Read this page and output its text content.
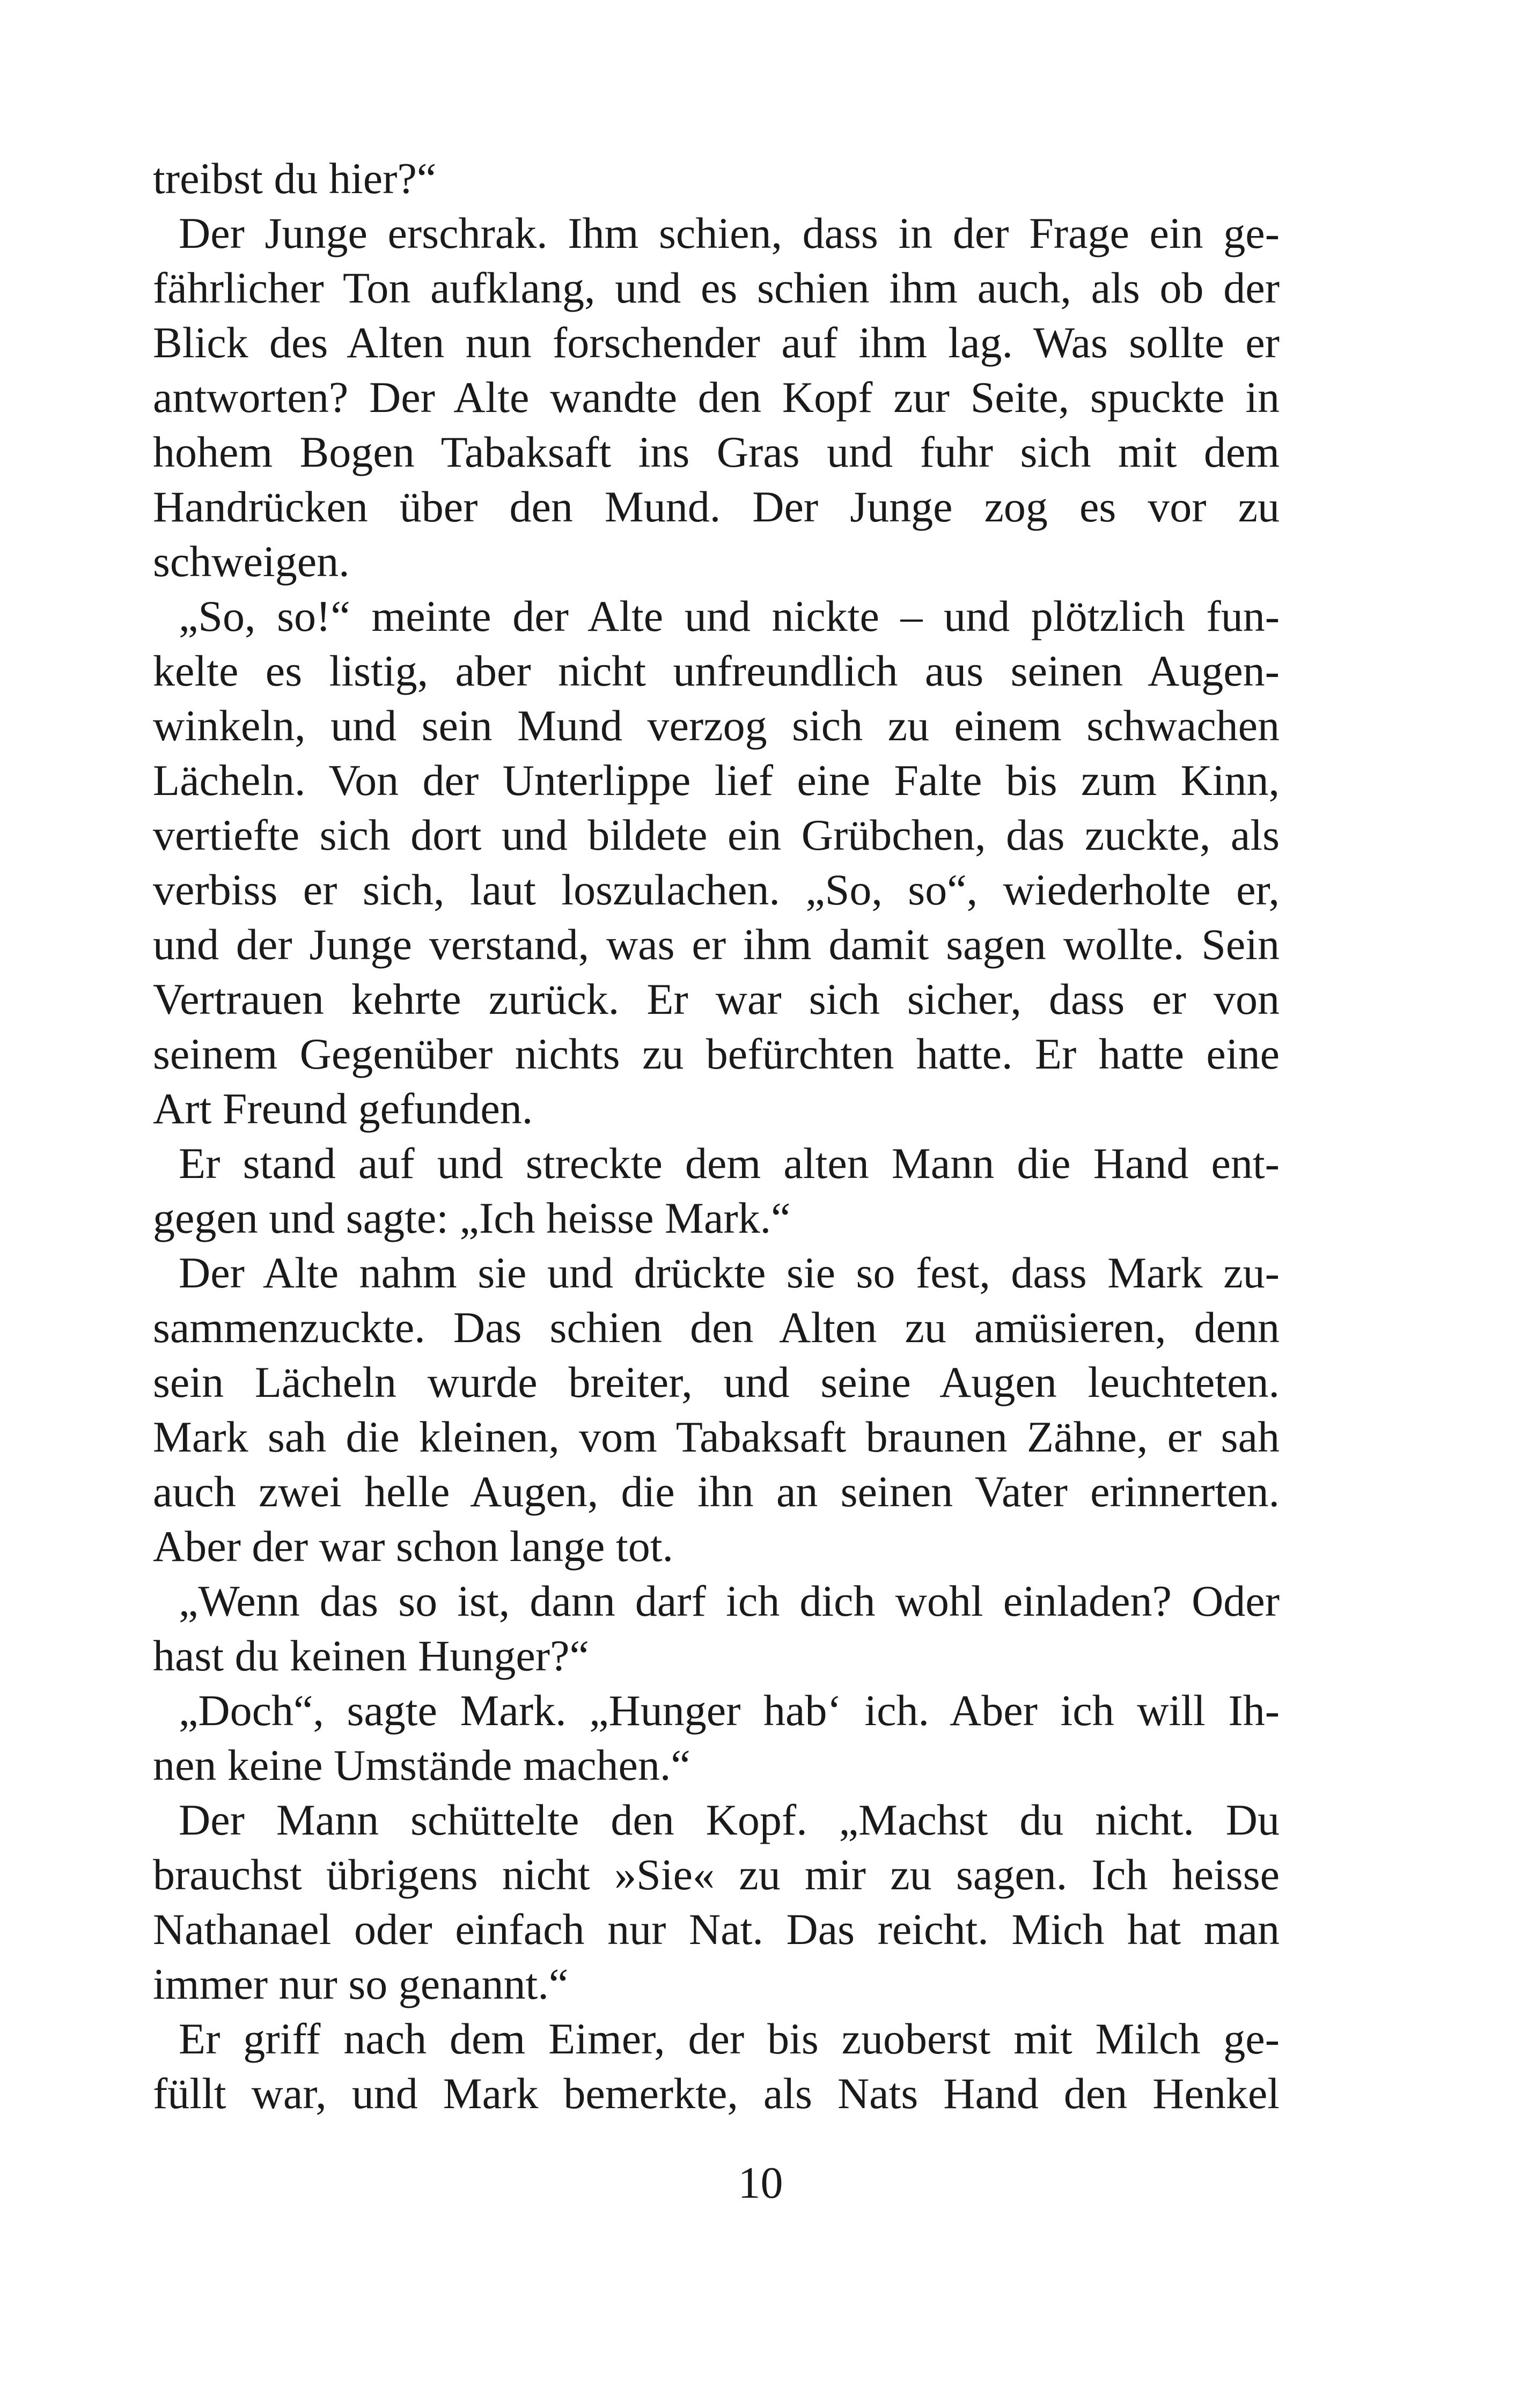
treibst du hier?“
Der Junge erschrak. Ihm schien, dass in der Frage ein ge-
fährlicher Ton aufklang, und es schien ihm auch, als ob der
Blick des Alten nun forschender auf ihm lag. Was sollte er
antworten? Der Alte wandte den Kopf zur Seite, spuckte in
hohem Bogen Tabaksaft ins Gras und fuhr sich mit dem
Handrücken über den Mund. Der Junge zog es vor zu
schweigen.
„So, so!“ meinte der Alte und nickte – und plötzlich fun-
kelte es listig, aber nicht unfreundlich aus seinen Augen-
winkeln, und sein Mund verzog sich zu einem schwachen
Lächeln. Von der Unterlippe lief eine Falte bis zum Kinn,
vertiefte sich dort und bildete ein Grübchen, das zuckte, als
verbiss er sich, laut loszulachen. „So, so“, wiederholte er,
und der Junge verstand, was er ihm damit sagen wollte. Sein
Vertrauen kehrte zurück. Er war sich sicher, dass er von
seinem Gegenüber nichts zu befürchten hatte. Er hatte eine
Art Freund gefunden.
Er stand auf und streckte dem alten Mann die Hand ent-
gegen und sagte: „Ich heisse Mark.“
Der Alte nahm sie und drückte sie so fest, dass Mark zu-
sammenzuckte. Das schien den Alten zu amüsieren, denn
sein Lächeln wurde breiter, und seine Augen leuchteten.
Mark sah die kleinen, vom Tabaksaft braunen Zähne, er sah
auch zwei helle Augen, die ihn an seinen Vater erinnerten.
Aber der war schon lange tot.
„Wenn das so ist, dann darf ich dich wohl einladen? Oder
hast du keinen Hunger?“
„Doch“, sagte Mark. „Hunger hab‘ ich. Aber ich will Ih-
nen keine Umstände machen.“
Der Mann schüttelte den Kopf. „Machst du nicht. Du
brauchst übrigens nicht »Sie« zu mir zu sagen. Ich heisse
Nathanael oder einfach nur Nat. Das reicht. Mich hat man
immer nur so genannt.“
Er griff nach dem Eimer, der bis zuoberst mit Milch ge-
füllt war, und Mark bemerkte, als Nats Hand den Henkel
10
